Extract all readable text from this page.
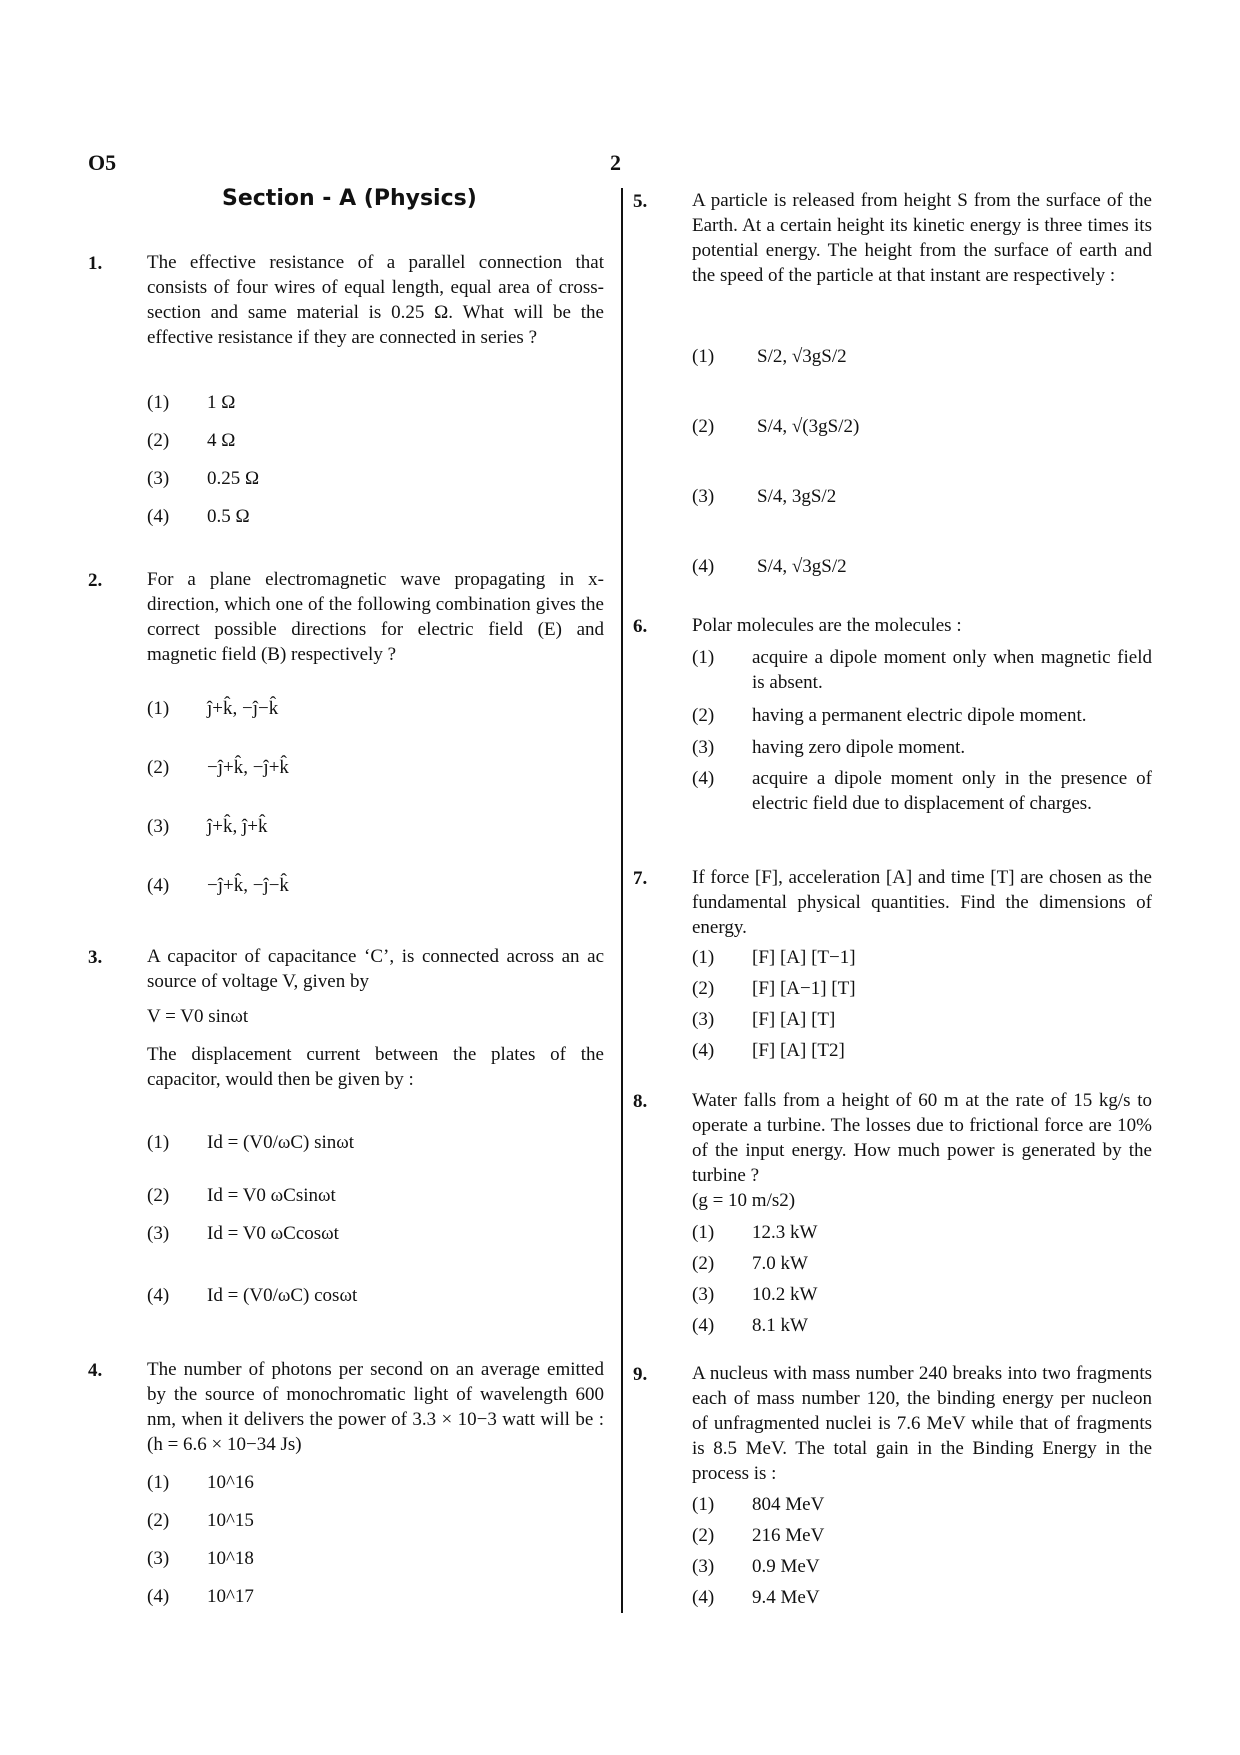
O5	2
Section - A (Physics)
1. The effective resistance of a parallel connection that consists of four wires of equal length, equal area of cross-section and same material is 0.25 Ω. What will be the effective resistance if they are connected in series ?
(1) 1 Ω
(2) 4 Ω
(3) 0.25 Ω
(4) 0.5 Ω
2. For a plane electromagnetic wave propagating in x-direction, which one of the following combination gives the correct possible directions for electric field (E) and magnetic field (B) respectively ?
(1) ĵ+k̂, −ĵ−k̂
(2) −ĵ+k̂, −ĵ+k̂
(3) ĵ+k̂, ĵ+k̂
(4) −ĵ+k̂, −ĵ−k̂
3. A capacitor of capacitance ‘C’, is connected across an ac source of voltage V, given by
V = V0 sinωt
The displacement current between the plates of the capacitor, would then be given by :
(1) Id = (V0/ωC) sinωt
(2) Id = V0 ωCsinωt
(3) Id = V0 ωCcosωt
(4) Id = (V0/ωC) cosωt
4. The number of photons per second on an average emitted by the source of monochromatic light of wavelength 600 nm, when it delivers the power of 3.3 × 10−3 watt will be : (h = 6.6 × 10−34 Js)
(1) 10^16
(2) 10^15
(3) 10^18
(4) 10^17
5. A particle is released from height S from the surface of the Earth. At a certain height its kinetic energy is three times its potential energy. The height from the surface of earth and the speed of the particle at that instant are respectively :
(1) S/2, √3gS/2
(2) S/4, √(3gS/2)
(3) S/4, 3gS/2
(4) S/4, √3gS/2
6. Polar molecules are the molecules :
(1) acquire a dipole moment only when magnetic field is absent.
(2) having a permanent electric dipole moment.
(3) having zero dipole moment.
(4) acquire a dipole moment only in the presence of electric field due to displacement of charges.
7. If force [F], acceleration [A] and time [T] are chosen as the fundamental physical quantities. Find the dimensions of energy.
(1) [F] [A] [T−1]
(2) [F] [A−1] [T]
(3) [F] [A] [T]
(4) [F] [A] [T2]
8. Water falls from a height of 60 m at the rate of 15 kg/s to operate a turbine. The losses due to frictional force are 10% of the input energy. How much power is generated by the turbine ?
(g = 10 m/s2)
(1) 12.3 kW
(2) 7.0 kW
(3) 10.2 kW
(4) 8.1 kW
9. A nucleus with mass number 240 breaks into two fragments each of mass number 120, the binding energy per nucleon of unfragmented nuclei is 7.6 MeV while that of fragments is 8.5 MeV. The total gain in the Binding Energy in the process is :
(1) 804 MeV
(2) 216 MeV
(3) 0.9 MeV
(4) 9.4 MeV
